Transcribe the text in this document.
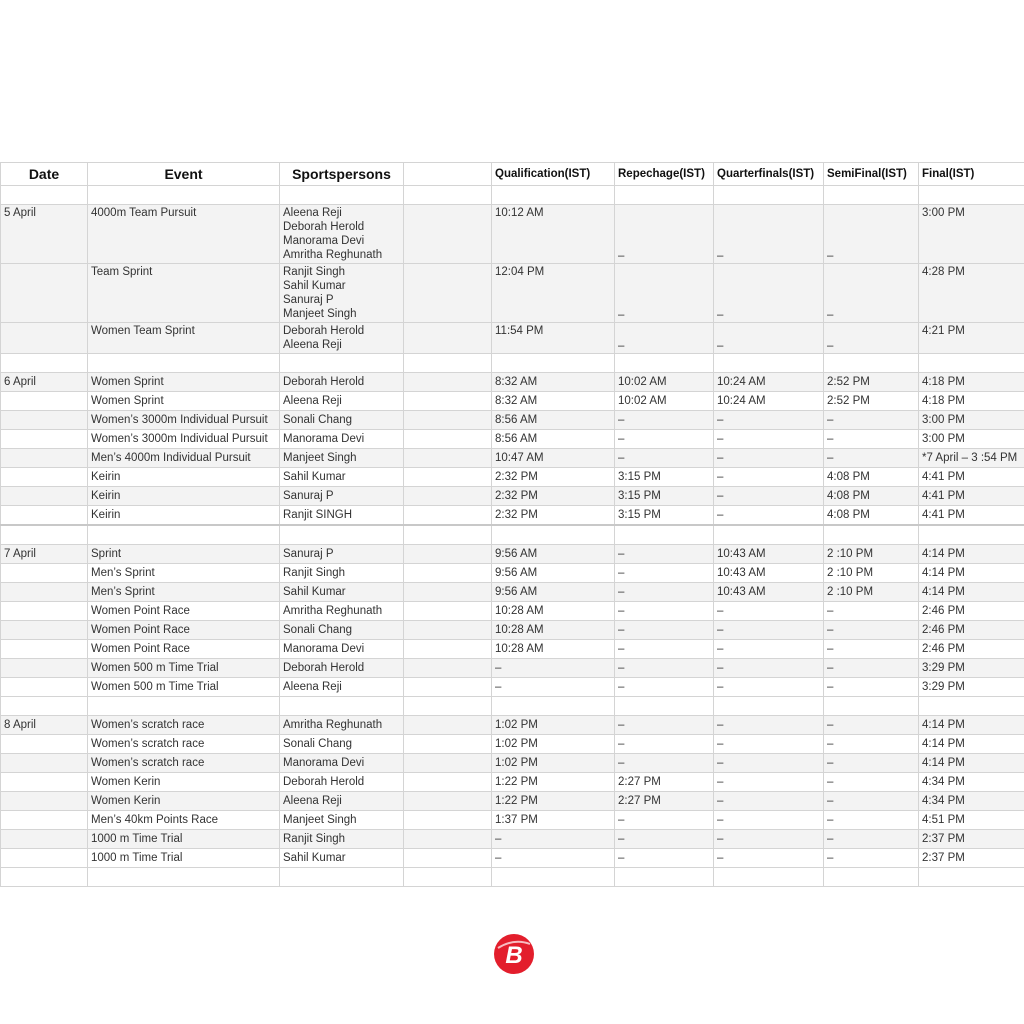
Date	Event	Sportspersons		Qualification(IST)	Repechage(IST)	Quarterfinals(IST)	SemiFinal(IST)	Final(IST)

5 April	4000m Team Pursuit	Aleena Reji
Deborah Herold
Manorama Devi
Amritha Reghunath		10:12 AM	–	–	–	3:00 PM
	Team Sprint	Ranjit Singh
Sahil Kumar
Sanuraj P
Manjeet Singh		12:04 PM	–	–	–	4:28 PM
	Women Team Sprint	Deborah Herold
Aleena Reji		11:54 PM	–	–	–	4:21 PM

6 April	Women Sprint	Deborah Herold		8:32 AM	10:02 AM	10:24 AM	2:52 PM	4:18 PM
	Women Sprint	Aleena Reji		8:32 AM	10:02 AM	10:24 AM	2:52 PM	4:18 PM
	Women’s 3000m Individual Pursuit	Sonali Chang		8:56 AM	–	–	–	3:00 PM
	Women’s 3000m Individual Pursuit	Manorama Devi		8:56 AM	–	–	–	3:00 PM
	Men’s 4000m Individual Pursuit	Manjeet Singh		10:47 AM	–	–	–	*7 April – 3 :54 PM
	Keirin	Sahil Kumar		2:32 PM	3:15 PM	–	4:08 PM	4:41 PM
	Keirin	Sanuraj P		2:32 PM	3:15 PM	–	4:08 PM	4:41 PM
	Keirin	Ranjit SINGH		2:32 PM	3:15 PM	–	4:08 PM	4:41 PM

7 April	Sprint	Sanuraj P		9:56 AM	–	10:43 AM	2 :10 PM	4:14 PM
	Men’s Sprint	Ranjit Singh		9:56 AM	–	10:43 AM	2 :10 PM	4:14 PM
	Men’s Sprint	Sahil Kumar		9:56 AM	–	10:43 AM	2 :10 PM	4:14 PM
	Women Point Race	Amritha Reghunath		10:28 AM	–	–	–	2:46 PM
	Women Point Race	Sonali Chang		10:28 AM	–	–	–	2:46 PM
	Women Point Race	Manorama Devi		10:28 AM	–	–	–	2:46 PM
	Women 500 m Time Trial	Deborah Herold		–	–	–	–	3:29 PM
	Women 500 m Time Trial	Aleena Reji		–	–	–	–	3:29 PM

8 April	Women’s scratch race	Amritha Reghunath		1:02 PM	–	–	–	4:14 PM
	Women’s scratch race	Sonali Chang		1:02 PM	–	–	–	4:14 PM
	Women’s scratch race	Manorama Devi		1:02 PM	–	–	–	4:14 PM
	Women Kerin	Deborah Herold		1:22 PM	2:27 PM	–	–	4:34 PM
	Women Kerin	Aleena Reji		1:22 PM	2:27 PM	–	–	4:34 PM
	Men’s 40km Points Race	Manjeet Singh		1:37 PM	–	–	–	4:51 PM
	1000 m Time Trial	Ranjit Singh		–	–	–	–	2:37 PM
	1000 m Time Trial	Sahil Kumar		–	–	–	–	2:37 PM

B
